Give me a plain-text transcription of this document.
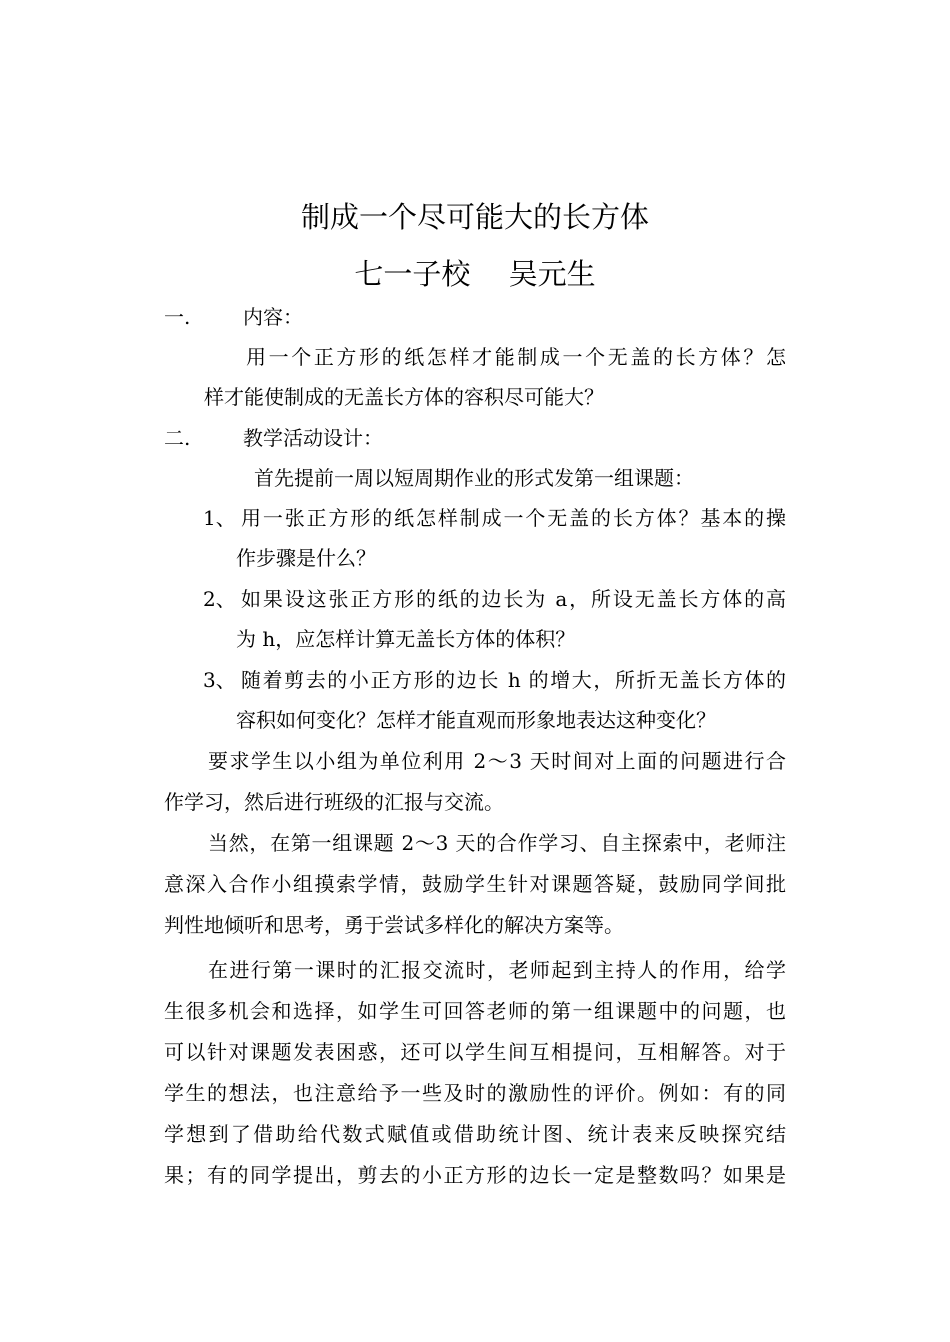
制成一个尽可能大的长方体
七一子校　 吴元生
一.	内容：
用一个正方形的纸怎样才能制成一个无盖的长方体？怎
样才能使制成的无盖长方体的容积尽可能大？
二.	教学活动设计：
首先提前一周以短周期作业的形式发第一组课题：
1、 用一张正方形的纸怎样制成一个无盖的长方体？基本的操
作步骤是什么？
2、 如果设这张正方形的纸的边长为 a，所设无盖长方体的高
为 h，应怎样计算无盖长方体的体积？
3、 随着剪去的小正方形的边长 h 的增大，所折无盖长方体的
容积如何变化？怎样才能直观而形象地表达这种变化？
要求学生以小组为单位利用 2～3 天时间对上面的问题进行合
作学习，然后进行班级的汇报与交流。
当然，在第一组课题 2～3 天的合作学习、自主探索中，老师注
意深入合作小组摸索学情，鼓励学生针对课题答疑，鼓励同学间批
判性地倾听和思考，勇于尝试多样化的解决方案等。
在进行第一课时的汇报交流时，老师起到主持人的作用，给学
生很多机会和选择，如学生可回答老师的第一组课题中的问题，也
可以针对课题发表困惑，还可以学生间互相提问，互相解答。对于
学生的想法，也注意给予一些及时的激励性的评价。例如：有的同
学想到了借助给代数式赋值或借助统计图、统计表来反映探究结
果；有的同学提出，剪去的小正方形的边长一定是整数吗？如果是
